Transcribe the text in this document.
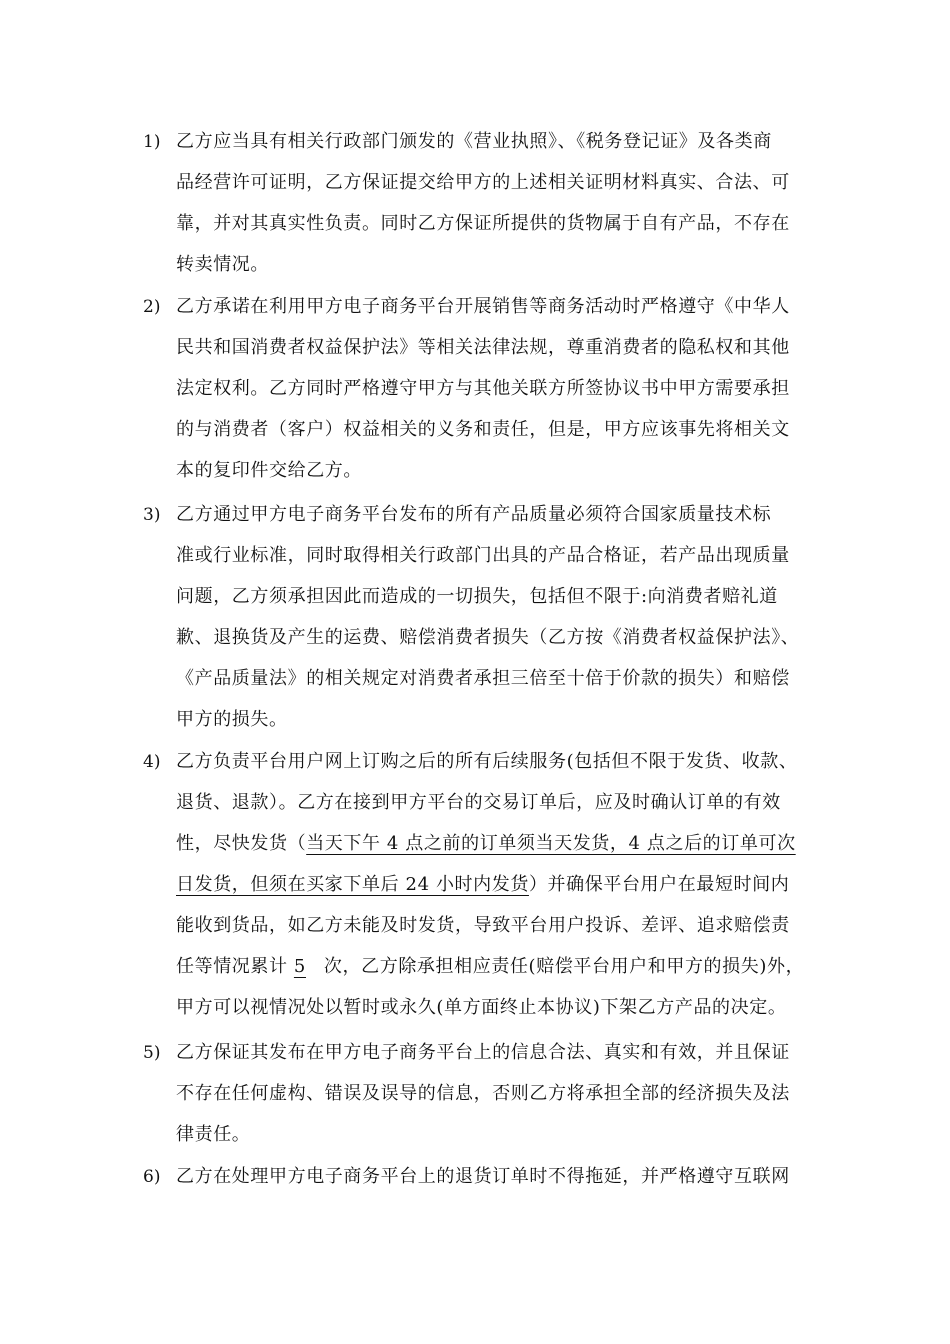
1) 乙方应当具有相关行政部门颁发的《营业执照》、《税务登记证》及各类商
品经营许可证明，乙方保证提交给甲方的上述相关证明材料真实、合法、可
靠，并对其真实性负责。同时乙方保证所提供的货物属于自有产品，不存在
转卖情况。
2) 乙方承诺在利用甲方电子商务平台开展销售等商务活动时严格遵守《中华人
民共和国消费者权益保护法》等相关法律法规，尊重消费者的隐私权和其他
法定权利。乙方同时严格遵守甲方与其他关联方所签协议书中甲方需要承担
的与消费者（客户）权益相关的义务和责任，但是，甲方应该事先将相关文
本的复印件交给乙方。
3) 乙方通过甲方电子商务平台发布的所有产品质量必须符合国家质量技术标
准或行业标准，同时取得相关行政部门出具的产品合格证，若产品出现质量
问题，乙方须承担因此而造成的一切损失，包括但不限于:向消费者赔礼道
歉、退换货及产生的运费、赔偿消费者损失（乙方按《消费者权益保护法》、
《产品质量法》的相关规定对消费者承担三倍至十倍于价款的损失）和赔偿
甲方的损失。
4) 乙方负责平台用户网上订购之后的所有后续服务(包括但不限于发货、收款、
退货、退款）。乙方在接到甲方平台的交易订单后，应及时确认订单的有效
性，尽快发货（当天下午 4 点之前的订单须当天发货，4 点之后的订单可次
日发货，但须在买家下单后 24 小时内发货）并确保平台用户在最短时间内
能收到货品，如乙方未能及时发货，导致平台用户投诉、差评、追求赔偿责
任等情况累计 5 次，乙方除承担相应责任(赔偿平台用户和甲方的损失)外，
甲方可以视情况处以暂时或永久(单方面终止本协议)下架乙方产品的决定。
5) 乙方保证其发布在甲方电子商务平台上的信息合法、真实和有效，并且保证
不存在任何虚构、错误及误导的信息，否则乙方将承担全部的经济损失及法
律责任。
6) 乙方在处理甲方电子商务平台上的退货订单时不得拖延，并严格遵守互联网
